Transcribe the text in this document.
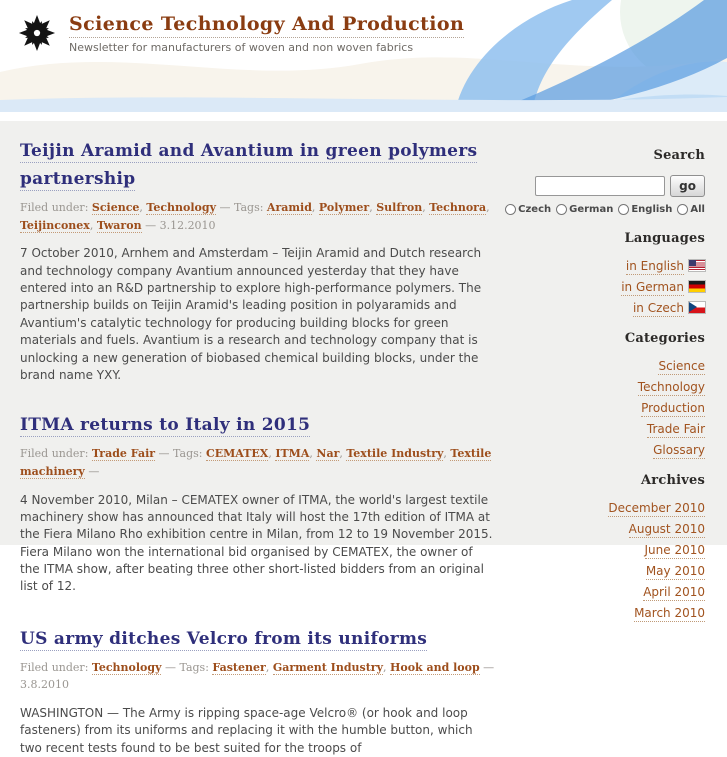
Science Technology And Production
Newsletter for manufacturers of woven and non woven fabrics
Teijin Aramid and Avantium in green polymers partnership

Filed under: Science, Technology — Tags: Aramid, Polymer, Sulfron, Technora, Teijinconex, Twaron — 3.12.2010

7 October 2010, Arnhem and Amsterdam – Teijin Aramid and Dutch research and technology company Avantium announced yesterday that they have entered into an R&D partnership to explore high-performance polymers. The partnership builds on Teijin Aramid's leading position in polyaramids and Avantium's catalytic technology for producing building blocks for green materials and fuels. Avantium is a research and technology company that is unlocking a new generation of biobased chemical building blocks, under the brand name YXY.

ITMA returns to Italy in 2015

Filed under: Trade Fair — Tags: CEMATEX, ITMA, Nar, Textile Industry, Textile machinery —

4 November 2010, Milan – CEMATEX owner of ITMA, the world's largest textile machinery show has announced that Italy will host the 17th edition of ITMA at the Fiera Milano Rho exhibition centre in Milan, from 12 to 19 November 2015. Fiera Milano won the international bid organised by CEMATEX, the owner of the ITMA show, after beating three other short-listed bidders from an original list of 12.

US army ditches Velcro from its uniforms

Filed under: Technology — Tags: Fastener, Garment Industry, Hook and loop — 3.8.2010

WASHINGTON — The Army is ripping space-age Velcro® (or hook and loop fasteners) from its uniforms and replacing it with the humble button, which two recent tests found to be best suited for the troops of

Search
go
Czech German English All
Languages
in English
in German
in Czech
Categories
Science
Technology
Production
Trade Fair
Glossary
Archives
December 2010
August 2010
June 2010
May 2010
April 2010
March 2010
